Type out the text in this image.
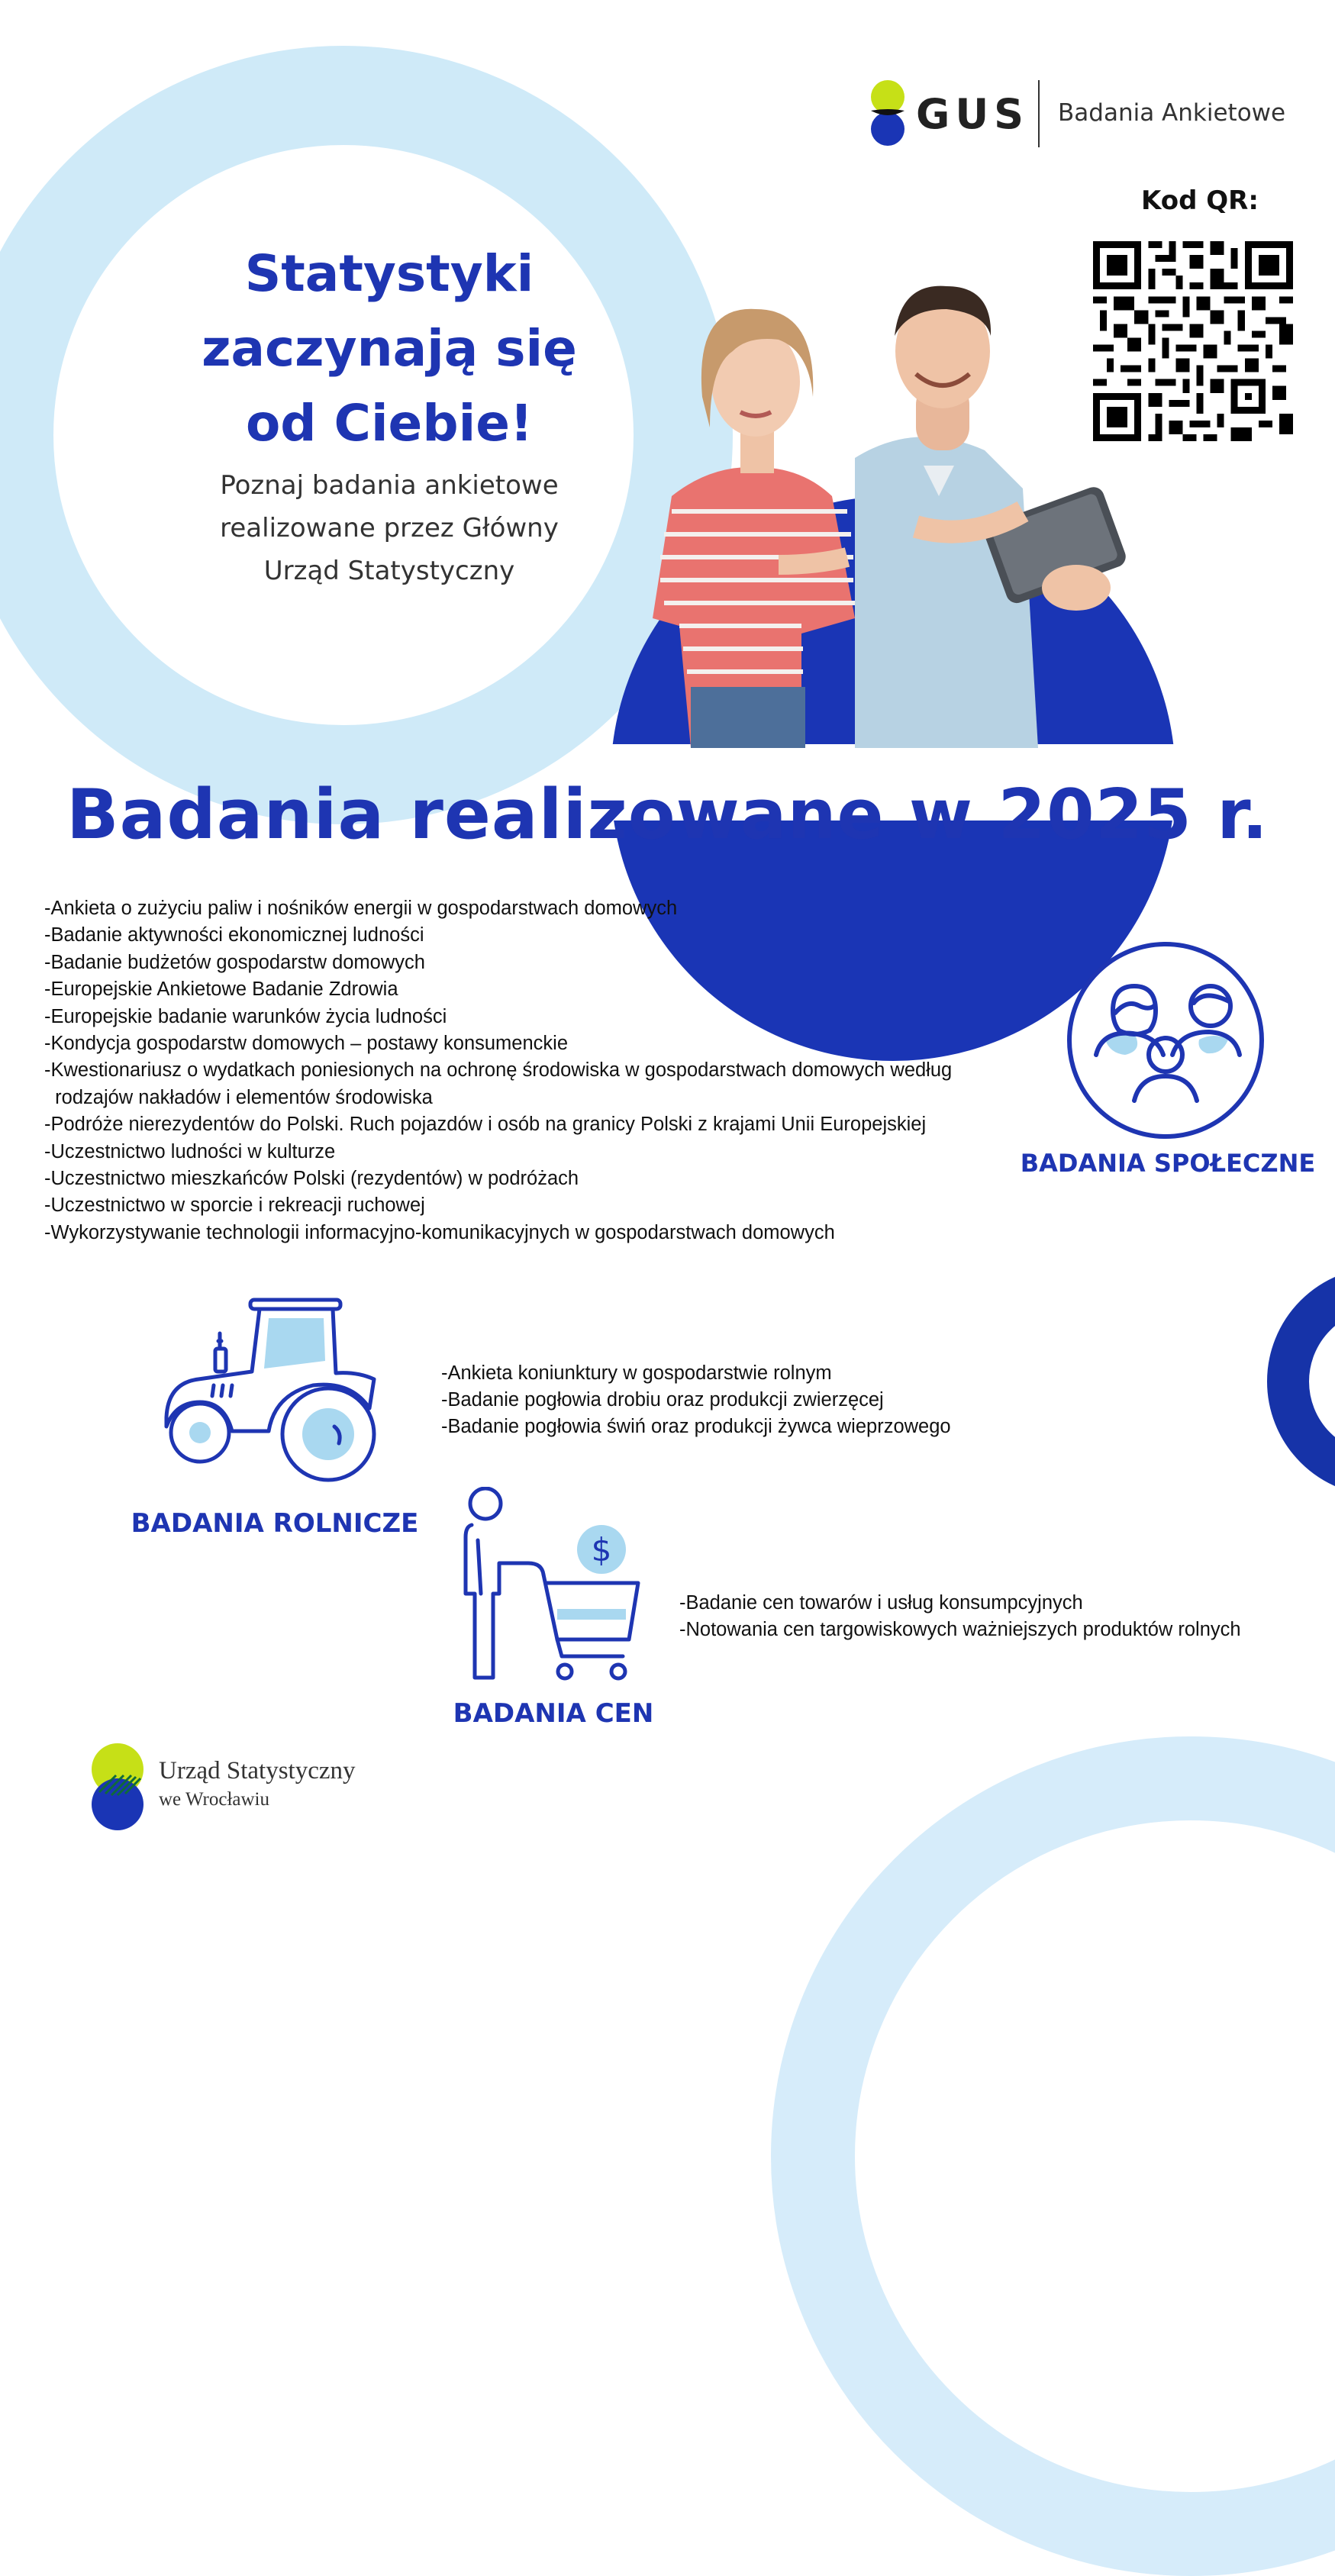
GUS Badania Ankietowe
Kod QR:
Statystyki
zaczynają się
od Ciebie!
Poznaj badania ankietowe
realizowane przez Główny
Urząd Statystyczny
Badania realizowane w 2025 r.
-Ankieta o zużyciu paliw i nośników energii w gospodarstwach domowych
-Badanie aktywności ekonomicznej ludności
-Badanie budżetów gospodarstw domowych
-Europejskie Ankietowe Badanie Zdrowia
-Europejskie badanie warunków życia ludności
-Kondycja gospodarstw domowych – postawy konsumenckie
-Kwestionariusz o wydatkach poniesionych na ochronę środowiska w gospodarstwach domowych według
rodzajów nakładów i elementów środowiska
-Podróże nierezydentów do Polski. Ruch pojazdów i osób na granicy Polski z krajami Unii Europejskiej
-Uczestnictwo ludności w kulturze
-Uczestnictwo mieszkańców Polski (rezydentów) w podróżach
-Uczestnictwo w sporcie i rekreacji ruchowej
-Wykorzystywanie technologii informacyjno-komunikacyjnych w gospodarstwach domowych
BADANIA SPOŁECZNE
BADANIA ROLNICZE
-Ankieta koniunktury w gospodarstwie rolnym
-Badanie pogłowia drobiu oraz produkcji zwierzęcej
-Badanie pogłowia świń oraz produkcji żywca wieprzowego
$
BADANIA CEN
-Badanie cen towarów i usług konsumpcyjnych
-Notowania cen targowiskowych ważniejszych produktów rolnych
Urząd Statystyczny
we Wrocławiu
